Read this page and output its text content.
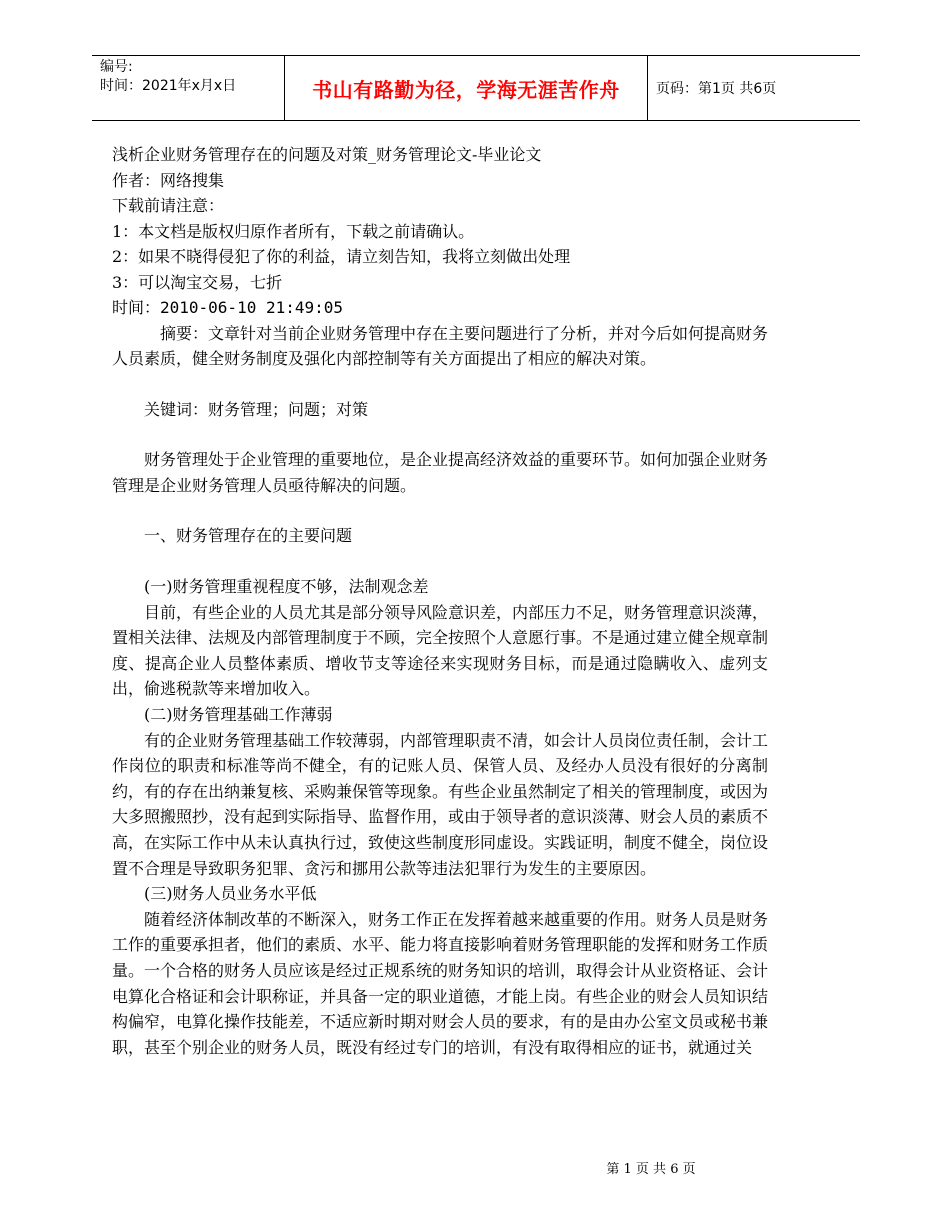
编号:
时间：2021年x月x日	书山有路勤为径，学海无涯苦作舟	页码：第1页 共6页

浅析企业财务管理存在的问题及对策_财务管理论文-毕业论文

作者：网络搜集

下载前请注意：

1：本文档是版权归原作者所有，下载之前请确认。

2：如果不晓得侵犯了你的利益，请立刻告知，我将立刻做出处理

3：可以淘宝交易，七折

时间：2010-06-10 21:49:05

摘要：文章针对当前企业财务管理中存在主要问题进行了分析，并对今后如何提高财务人员素质，健全财务制度及强化内部控制等有关方面提出了相应的解决对策。

关键词：财务管理；问题；对策

财务管理处于企业管理的重要地位，是企业提高经济效益的重要环节。如何加强企业财务管理是企业财务管理人员亟待解决的问题。

一、财务管理存在的主要问题

(一)财务管理重视程度不够，法制观念差

目前，有些企业的人员尤其是部分领导风险意识差，内部压力不足，财务管理意识淡薄，置相关法律、法规及内部管理制度于不顾，完全按照个人意愿行事。不是通过建立健全规章制度、提高企业人员整体素质、增收节支等途径来实现财务目标，而是通过隐瞒收入、虚列支出，偷逃税款等来增加收入。

(二)财务管理基础工作薄弱

有的企业财务管理基础工作较薄弱，内部管理职责不清，如会计人员岗位责任制，会计工作岗位的职责和标准等尚不健全，有的记账人员、保管人员、及经办人员没有很好的分离制约，有的存在出纳兼复核、采购兼保管等现象。有些企业虽然制定了相关的管理制度，或因为大多照搬照抄，没有起到实际指导、监督作用，或由于领导者的意识淡薄、财会人员的素质不高，在实际工作中从未认真执行过，致使这些制度形同虚设。实践证明，制度不健全，岗位设置不合理是导致职务犯罪、贪污和挪用公款等违法犯罪行为发生的主要原因。

(三)财务人员业务水平低

随着经济体制改革的不断深入，财务工作正在发挥着越来越重要的作用。财务人员是财务工作的重要承担者，他们的素质、水平、能力将直接影响着财务管理职能的发挥和财务工作质量。一个合格的财务人员应该是经过正规系统的财务知识的培训，取得会计从业资格证、会计电算化合格证和会计职称证，并具备一定的职业道德，才能上岗。有些企业的财会人员知识结构偏窄，电算化操作技能差，不适应新时期对财会人员的要求，有的是由办公室文员或秘书兼职，甚至个别企业的财务人员，既没有经过专门的培训，有没有取得相应的证书，就通过关

第 1 页 共 6 页
